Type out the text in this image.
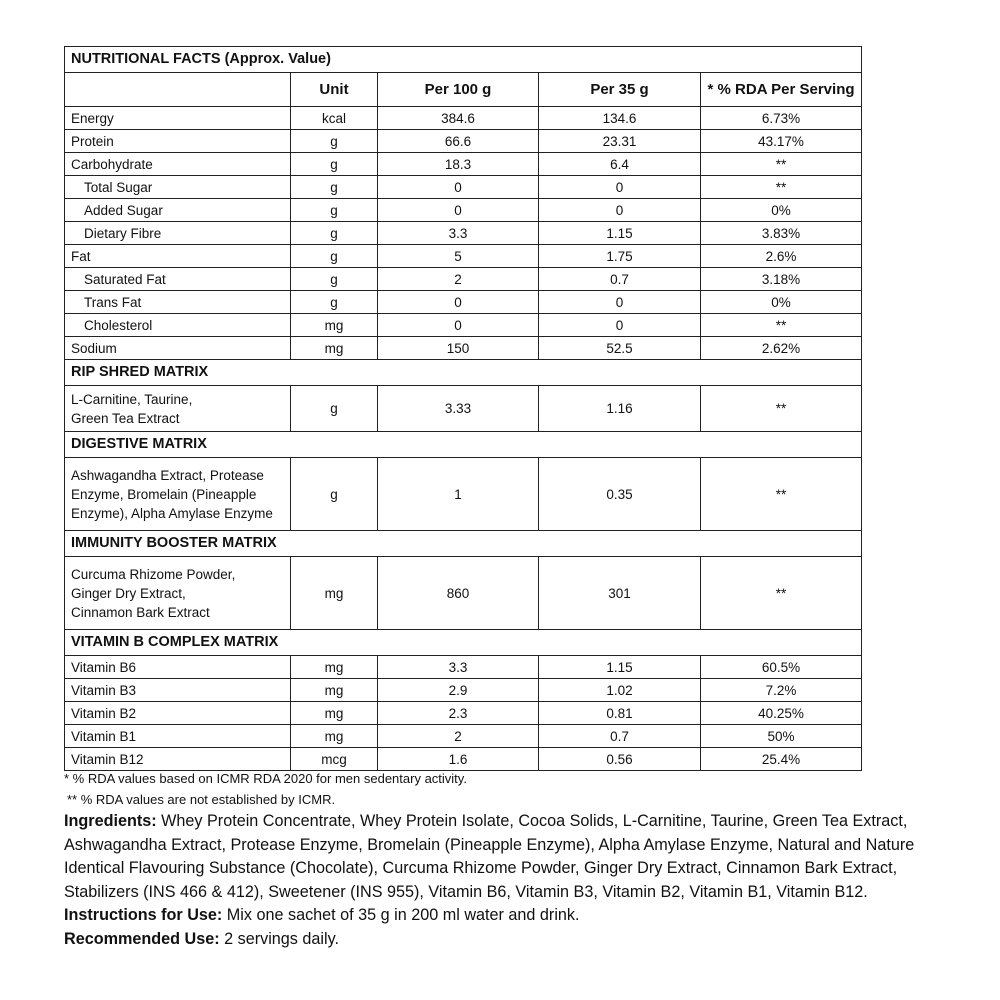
NUTRITIONAL FACTS (Approx. Value)				
	Unit	Per 100 g	Per 35 g	* % RDA Per Serving
Energy	kcal	384.6	134.6	6.73%
Protein	g	66.6	23.31	43.17%
Carbohydrate	g	18.3	6.4	**
Total Sugar	g	0	0	**
Added Sugar	g	0	0	0%
Dietary Fibre	g	3.3	1.15	3.83%
Fat	g	5	1.75	2.6%
Saturated Fat	g	2	0.7	3.18%
Trans Fat	g	0	0	0%
Cholesterol	mg	0	0	**
Sodium	mg	150	52.5	2.62%
RIP SHRED MATRIX				

L-Carnitine, Taurine,
Green Tea Extract	g	3.33	1.16	**
DIGESTIVE MATRIX				

Ashwagandha Extract, Protease
Enzyme, Bromelain (Pineapple
Enzyme), Alpha Amylase Enzyme	g	1	0.35	**
IMMUNITY BOOSTER MATRIX				

Curcuma Rhizome Powder,
Ginger Dry Extract,
Cinnamon Bark Extract	mg	860	301	**
VITAMIN B COMPLEX MATRIX				
Vitamin B6	mg	3.3	1.15	60.5%
Vitamin B3	mg	2.9	1.02	7.2%
Vitamin B2	mg	2.3	0.81	40.25%
Vitamin B1	mg	2	0.7	50%
Vitamin B12	mcg	1.6	0.56	25.4%
* % RDA values based on ICMR RDA 2020 for men sedentary activity.
** % RDA values are not established by ICMR.

Ingredients: Whey Protein Concentrate, Whey Protein Isolate, Cocoa Solids, L-Carnitine, Taurine, Green Tea Extract, Ashwagandha Extract, Protease Enzyme, Bromelain (Pineapple Enzyme), Alpha Amylase Enzyme, Natural and Nature Identical Flavouring Substance (Chocolate), Curcuma Rhizome Powder, Ginger Dry Extract, Cinnamon Bark Extract, Stabilizers (INS 466 & 412), Sweetener (INS 955), Vitamin B6, Vitamin B3, Vitamin B2, Vitamin B1, Vitamin B12.

Instructions for Use: Mix one sachet of 35 g in 200 ml water and drink.

Recommended Use: 2 servings daily.
